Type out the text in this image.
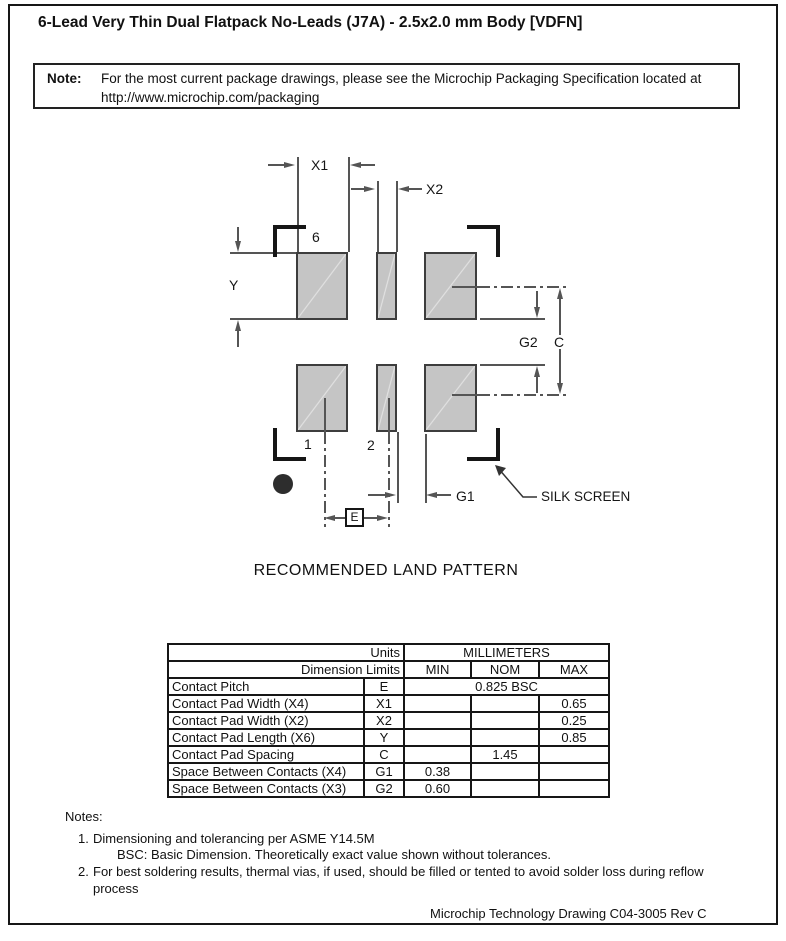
6-Lead Very Thin Dual Flatpack No-Leads (J7A) - 2.5x2.0 mm Body [VDFN]
Note:	For the most current package drawings, please see the Microchip Packaging Specification located at http://www.microchip.com/packaging
X1
X2
Y
6
1	2
G2 C
G1
E
SILK SCREEN
RECOMMENDED LAND PATTERN
Units		MILLIMETERS		
Dimension Limits		MIN	NOM	MAX
Contact Pitch	E	0.825 BSC		
Contact Pad Width (X4)	X1			0.65
Contact Pad Width (X2)	X2			0.25
Contact Pad Length (X6)	Y			0.85
Contact Pad Spacing	C		1.45	
Space Between Contacts (X4)	G1	0.38		
Space Between Contacts (X3)	G2	0.60		
Notes:
1. Dimensioning and tolerancing per ASME Y14.5M
BSC: Basic Dimension. Theoretically exact value shown without tolerances.
2. For best soldering results, thermal vias, if used, should be filled or tented to avoid solder loss during reflow process
Microchip Technology Drawing C04-3005 Rev C
